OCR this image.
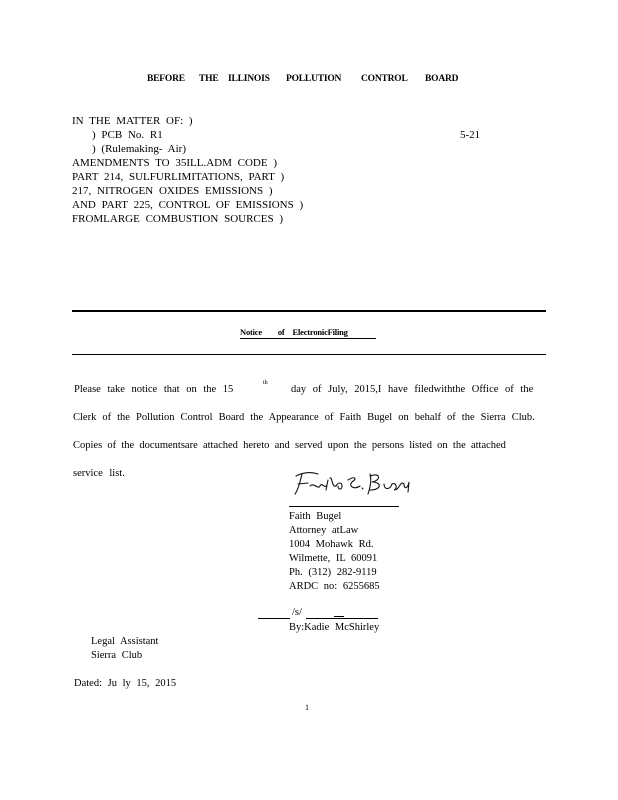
BEFORE THE ILLINOIS POLLUTION CONTROL BOARD
IN THE MATTER OF: )
) PCB No. R1	5-21
) (Rulemaking- Air)
AMENDMENTS TO 35ILL.ADM CODE )
PART 214, SULFURLIMITATIONS, PART )
217, NITROGEN OXIDES EMISSIONS )
AND PART 225, CONTROL OF EMISSIONS )
FROMLARGE COMBUSTION SOURCES )
Notice of ElectronicFiling
Please take notice that on the 15
th
day of July, 2015,I have filedwiththe Office of the
Clerk of the Pollution Control Board the Appearance of Faith Bugel on behalf of the Sierra Club.
Copies of the documentsare attached hereto and served upon the persons listed on the attached
service list.
Faith Bugel
Attorney atLaw
1004 Mohawk Rd.
Wilmette, IL 60091
Ph. (312) 282-9119
ARDC no: 6255685
/s/
By:Kadie McShirley
Legal Assistant
Sierra Club
Dated: Ju ly 15, 2015
1
